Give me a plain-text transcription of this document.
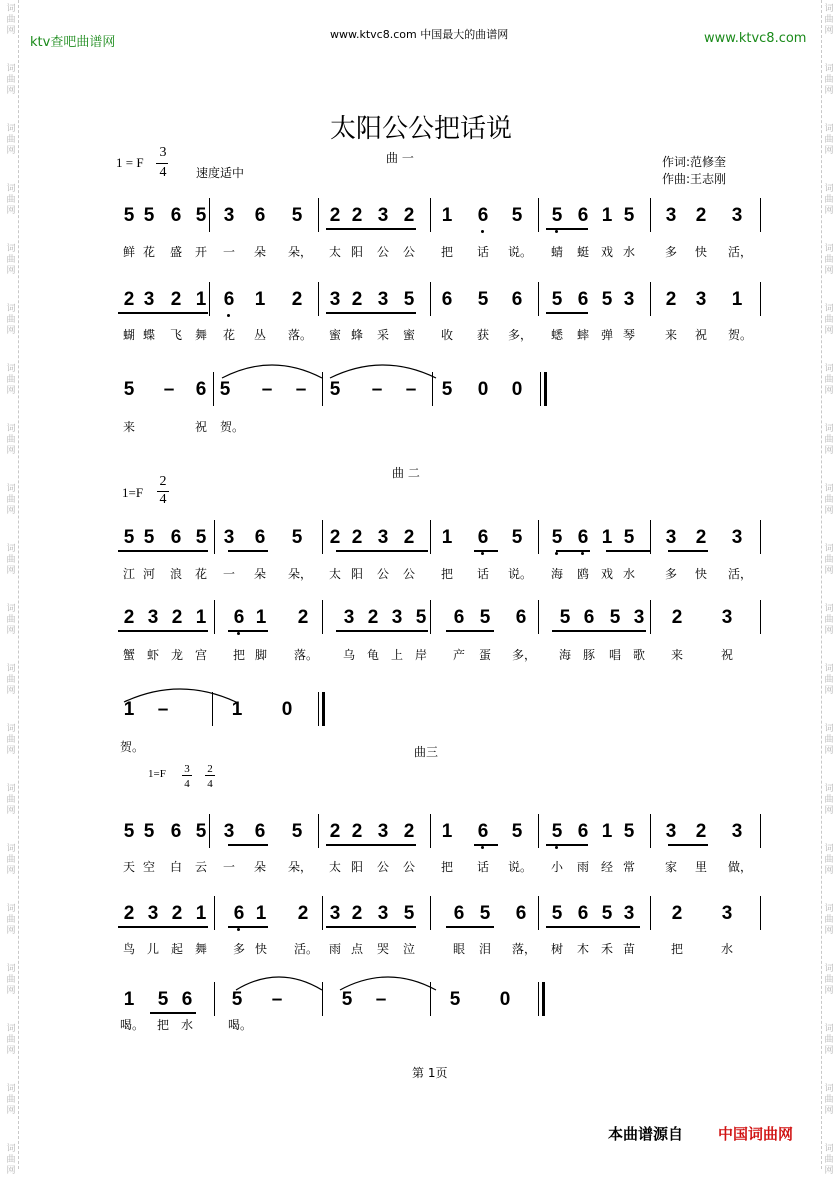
词
曲
网
词
曲
网
词
曲
网
词
曲
网
词
曲
网
词
曲
网
词
曲
网
词
曲
网
词
曲
网
词
曲
网
词
曲
网
词
曲
网
词
曲
网
词
曲
网
词
曲
网
词
曲
网
词
曲
网
词
曲
网
词
曲
网
词
曲
网
词
曲
网
词
曲
网
词
曲
网
词
曲
网
词
曲
网
词
曲
网
词
曲
网
词
曲
网
词
曲
网
词
曲
网
词
曲
网
词
曲
网
词
曲
网
词
曲
网
词
曲
网
词
曲
网
词
曲
网
词
曲
网
词
曲
网
词
曲
网
ktv查吧曲谱网
www.ktvc8.com 中国最大的曲谱网	www.ktvc8.com
太阳公公把话说
曲 一
1 = F
3
4 速度适中
作词:范修奎
作曲:王志刚
曲 二
1=F
2
4
曲三
1=F	3
4
2
4
5 5 6 5 3 6 5 2 2 3 2 1 6 5 5 6 1 5 3 2 3
鲜 花 盛 开 一 朵 朵， 太 阳 公 公 把 话 说。 蜻 蜓 戏 水 多 快 活，
2 3 2 1 6 1 2 3 2 3 5 6 5 6 5 6 5 3 2 3 1
蝴 蝶 飞 舞 花 丛 落。 蜜 蜂 采 蜜 收 获 多， 蟋 蟀 弹 琴 来 祝 贺。
5 – 6 5 – – 5 – – 5 0 0
来	祝 贺。
5 5 6 5 3 6 5 2 2 3 2 1 6 5 5 6 1 5 3 2 3
江 河 浪 花 一 朵 朵， 太 阳 公 公 把 话 说。 海 鸥 戏 水 多 快 活，
2 3 2 1 6 1 2 3 2 3 5 6 5 6 5 6 5 3 2 3
蟹 虾 龙 宫 把 脚 落。 乌 龟 上 岸 产 蛋 多， 海 豚 唱 歌 来	祝
1 –	1 0
贺。
5 5 6 5 3 6 5 2 2 3 2 1 6 5 5 6 1 5 3 2 3
天 空 白 云 一 朵 朵， 太 阳 公 公 把 话 说。 小 雨 经 常 家 里 做，
2 3 2 1 6 1 2 3 2 3 5 6 5 6 5 6 5 3 2 3
鸟 儿 起 舞 多 快 活。 雨 点 哭 泣	眼 泪 落， 树 木 禾 苗	把	水
1 5 6 5 –	5 –	5 0
喝。 把 水	喝。
第 1页
本曲谱源自 中国词曲网
